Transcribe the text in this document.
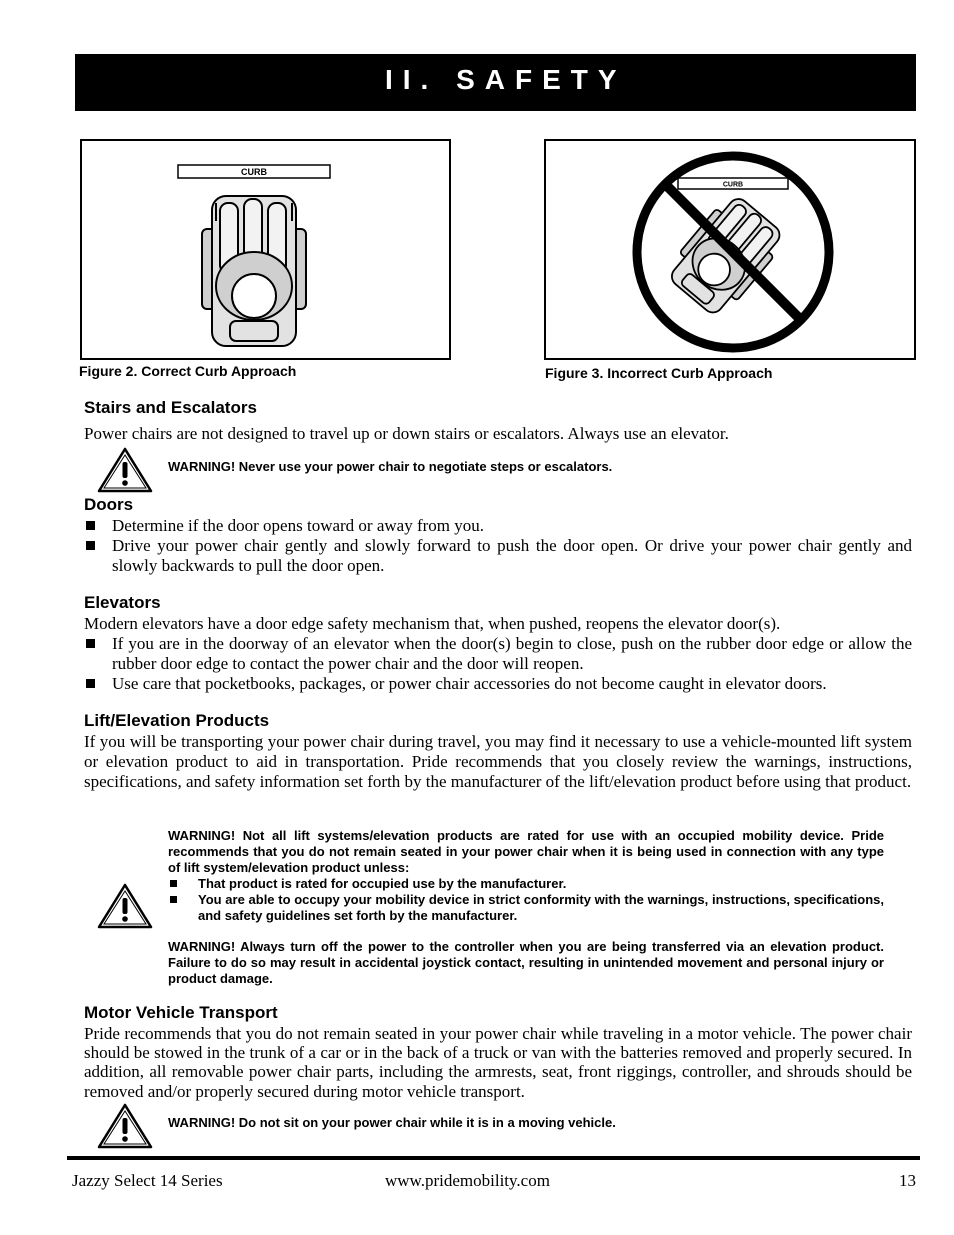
II. SAFETY
CURB
Figure 2. Correct Curb Approach
CURB
Figure 3. Incorrect Curb Approach
Stairs and Escalators
Power chairs are not designed to travel up or down stairs or escalators. Always use an elevator.
WARNING! Never use your power chair to negotiate steps or escalators.
Doors
Determine if the door opens toward or away from you.
Drive your power chair gently and slowly forward to push the door open. Or drive your power chair gently and slowly backwards to pull the door open.
Elevators
Modern elevators have a door edge safety mechanism that, when pushed, reopens the elevator door(s).
If you are in the doorway of an elevator when the door(s) begin to close, push on the rubber door edge or allow the rubber door edge to contact the power chair and the door will reopen.
Use care that pocketbooks, packages, or power chair accessories do not become caught in elevator doors.
Lift/Elevation Products
If you will be transporting your power chair during travel, you may find it necessary to use a vehicle-mounted lift system or elevation product to aid in transportation. Pride recommends that you closely review the warnings, instructions, specifications, and safety information set forth by the manufacturer of the lift/elevation product before using that product.
WARNING! Not all lift systems/elevation products are rated for use with an occupied mobility device. Pride recommends that you do not remain seated in your power chair when it is being used in connection with any type of lift system/elevation product unless:
That product is rated for occupied use by the manufacturer.
You are able to occupy your mobility device in strict conformity with the warnings, instructions, specifications, and safety guidelines set forth by the manufacturer.
WARNING! Always turn off the power to the controller when you are being transferred via an elevation product. Failure to do so may result in accidental joystick contact, resulting in unintended movement and personal injury or product damage.
Motor Vehicle Transport
Pride recommends that you do not remain seated in your power chair while traveling in a motor vehicle. The power chair should be stowed in the trunk of a car or in the back of a truck or van with the batteries removed and properly secured. In addition, all removable power chair parts, including the armrests, seat, front riggings, controller, and shrouds should be removed and/or properly secured during motor vehicle transport.
WARNING! Do not sit on your power chair while it is in a moving vehicle.
Jazzy Select 14 Series	www.pridemobility.com	13
